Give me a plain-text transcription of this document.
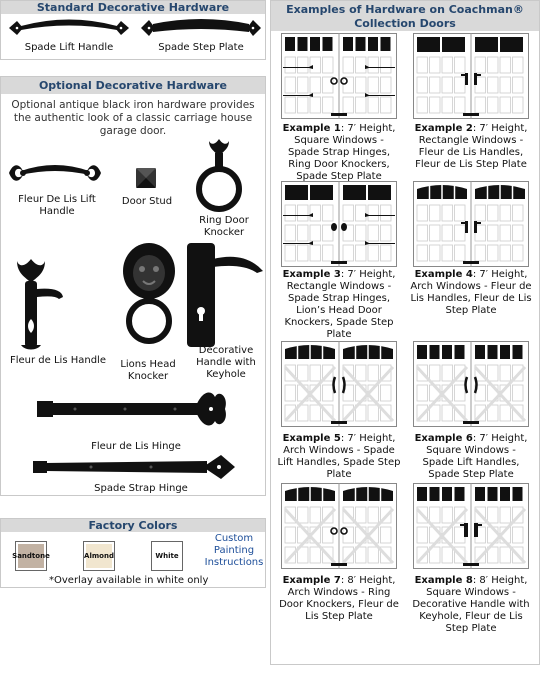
Standard Decorative Hardware
Spade Lift Handle	Spade Step Plate
Optional Decorative Hardware
Optional antique black iron hardware provides the authentic look of a classic carriage house garage door.
Fleur De Lis Lift Handle
Door Stud
Ring Door Knocker
Fleur de Lis Handle	Lions Head Knocker
Decorative Handle with Keyhole
Fleur de Lis Hinge
Spade Strap Hinge
Factory Colors
Sandtone	Almond	White
Custom Painting Instructions
*Overlay available in white only
Examples of Hardware on Coachman® Collection Doors
Example 1: 7′ Height, Square Windows - Spade Strap Hinges, Ring Door Knockers, Spade Step Plate
Example 2: 7′ Height, Rectangle Windows - Fleur de Lis Handles, Fleur de Lis Step Plate
Example 3: 7′ Height, Rectangle Windows -Spade Strap Hinges, Lion’s Head Door Knockers, Spade Step Plate
Example 4: 7′ Height, Arch Windows - Fleur de Lis Handles, Fleur de Lis Step Plate
Example 5: 7′ Height, Arch Windows - Spade Lift Handles, Spade Step Plate
Example 6: 7′ Height, Square Windows - Spade Lift Handles, Spade Step Plate
Example 7: 8′ Height, Arch Windows - Ring Door Knockers, Fleur de Lis Step Plate
Example 8: 8′ Height, Square Windows - Decorative Handle with Keyhole, Fleur de Lis Step Plate
